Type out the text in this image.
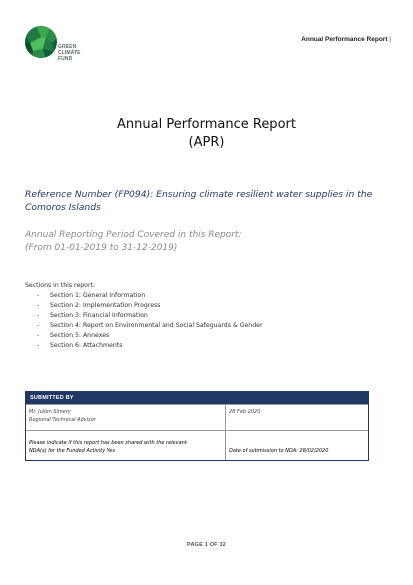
GREEN
CLIMATE
FUND
Annual Performance Report |
Annual Performance Report
(APR)
Reference Number (FP094): Ensuring climate resilient water supplies in the
Comoros Islands
Annual Reporting Period Covered in this Report:
(From 01-01-2019 to 31-12-2019)
Sections in this report:
- Section 1: General Information
- Section 2: Implementation Progress
- Section 3: Financial Information
- Section 4: Report on Environmental and Social Safeguards & Gender
- Section 5: Annexes
- Section 6: Attachments
SUBMITTED BY
Mr. Julien Simery
Regional Technical Advisor
28 Feb 2020
Please indicate if this report has been shared with the relevant
NDA(s) for the Funded Activity Yes	Date of submission to NDA: 28/02/2020
PAGE 1 OF 32
